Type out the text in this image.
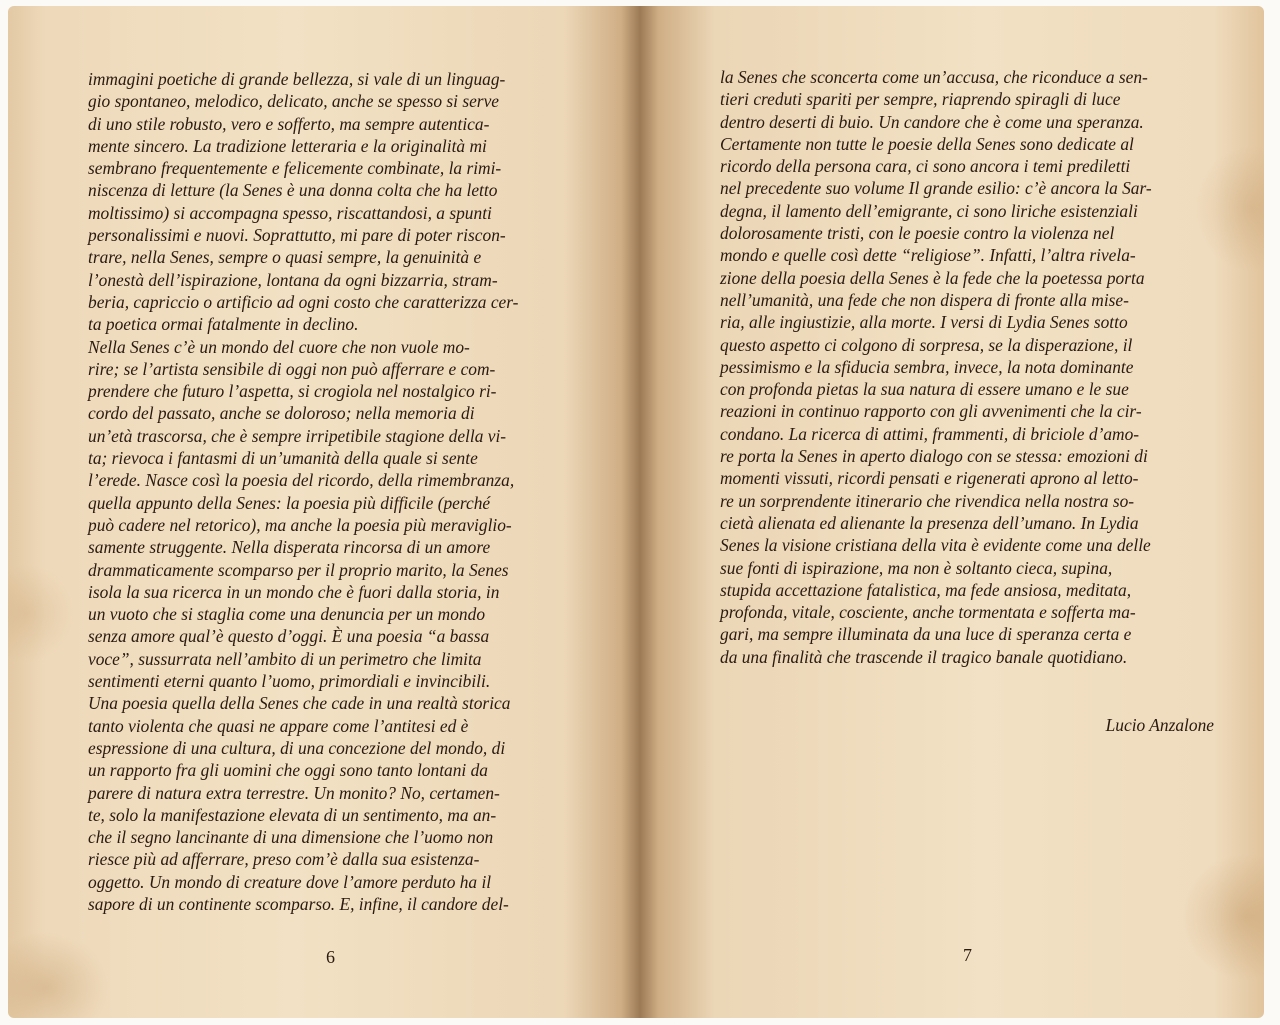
immagini poetiche di grande bellezza, si vale di un linguag-
gio spontaneo, melodico, delicato, anche se spesso si serve
di uno stile robusto, vero e sofferto, ma sempre autentica-
mente sincero. La tradizione letteraria e la originalità mi
sembrano frequentemente e felicemente combinate, la rimi-
niscenza di letture (la Senes è una donna colta che ha letto
moltissimo) si accompagna spesso, riscattandosi, a spunti
personalissimi e nuovi. Soprattutto, mi pare di poter riscon-
trare, nella Senes, sempre o quasi sempre, la genuinità e
l’onestà dell’ispirazione, lontana da ogni bizzarria, stram-
beria, capriccio o artificio ad ogni costo che caratterizza cer-
ta poetica ormai fatalmente in declino.
Nella Senes c’è un mondo del cuore che non vuole mo-
rire; se l’artista sensibile di oggi non può afferrare e com-
prendere che futuro l’aspetta, si crogiola nel nostalgico ri-
cordo del passato, anche se doloroso; nella memoria di
un’età trascorsa, che è sempre irripetibile stagione della vi-
ta; rievoca i fantasmi di un’umanità della quale si sente
l’erede. Nasce così la poesia del ricordo, della rimembranza,
quella appunto della Senes: la poesia più difficile (perché
può cadere nel retorico), ma anche la poesia più meraviglio-
samente struggente. Nella disperata rincorsa di un amore
drammaticamente scomparso per il proprio marito, la Senes
isola la sua ricerca in un mondo che è fuori dalla storia, in
un vuoto che si staglia come una denuncia per un mondo
senza amore qual’è questo d’oggi. È una poesia “a bassa
voce”, sussurrata nell’ambito di un perimetro che limita
sentimenti eterni quanto l’uomo, primordiali e invincibili.
Una poesia quella della Senes che cade in una realtà storica
tanto violenta che quasi ne appare come l’antitesi ed è
espressione di una cultura, di una concezione del mondo, di
un rapporto fra gli uomini che oggi sono tanto lontani da
parere di natura extra terrestre. Un monito? No, certamen-
te, solo la manifestazione elevata di un sentimento, ma an-
che il segno lancinante di una dimensione che l’uomo non
riesce più ad afferrare, preso com’è dalla sua esistenza-
oggetto. Un mondo di creature dove l’amore perduto ha il
sapore di un continente scomparso. E, infine, il candore del-
6
la Senes che sconcerta come un’accusa, che riconduce a sen-
tieri creduti spariti per sempre, riaprendo spiragli di luce
dentro deserti di buio. Un candore che è come una speranza.
Certamente non tutte le poesie della Senes sono dedicate al
ricordo della persona cara, ci sono ancora i temi prediletti
nel precedente suo volume Il grande esilio: c’è ancora la Sar-
degna, il lamento dell’emigrante, ci sono liriche esistenziali
dolorosamente tristi, con le poesie contro la violenza nel
mondo e quelle così dette “religiose”. Infatti, l’altra rivela-
zione della poesia della Senes è la fede che la poetessa porta
nell’umanità, una fede che non dispera di fronte alla mise-
ria, alle ingiustizie, alla morte. I versi di Lydia Senes sotto
questo aspetto ci colgono di sorpresa, se la disperazione, il
pessimismo e la sfiducia sembra, invece, la nota dominante
con profonda pietas la sua natura di essere umano e le sue
reazioni in continuo rapporto con gli avvenimenti che la cir-
condano. La ricerca di attimi, frammenti, di briciole d’amo-
re porta la Senes in aperto dialogo con se stessa: emozioni di
momenti vissuti, ricordi pensati e rigenerati aprono al letto-
re un sorprendente itinerario che rivendica nella nostra so-
cietà alienata ed alienante la presenza dell’umano. In Lydia
Senes la visione cristiana della vita è evidente come una delle
sue fonti di ispirazione, ma non è soltanto cieca, supina,
stupida accettazione fatalistica, ma fede ansiosa, meditata,
profonda, vitale, cosciente, anche tormentata e sofferta ma-
gari, ma sempre illuminata da una luce di speranza certa e
da una finalità che trascende il tragico banale quotidiano.
Lucio Anzalone
7
